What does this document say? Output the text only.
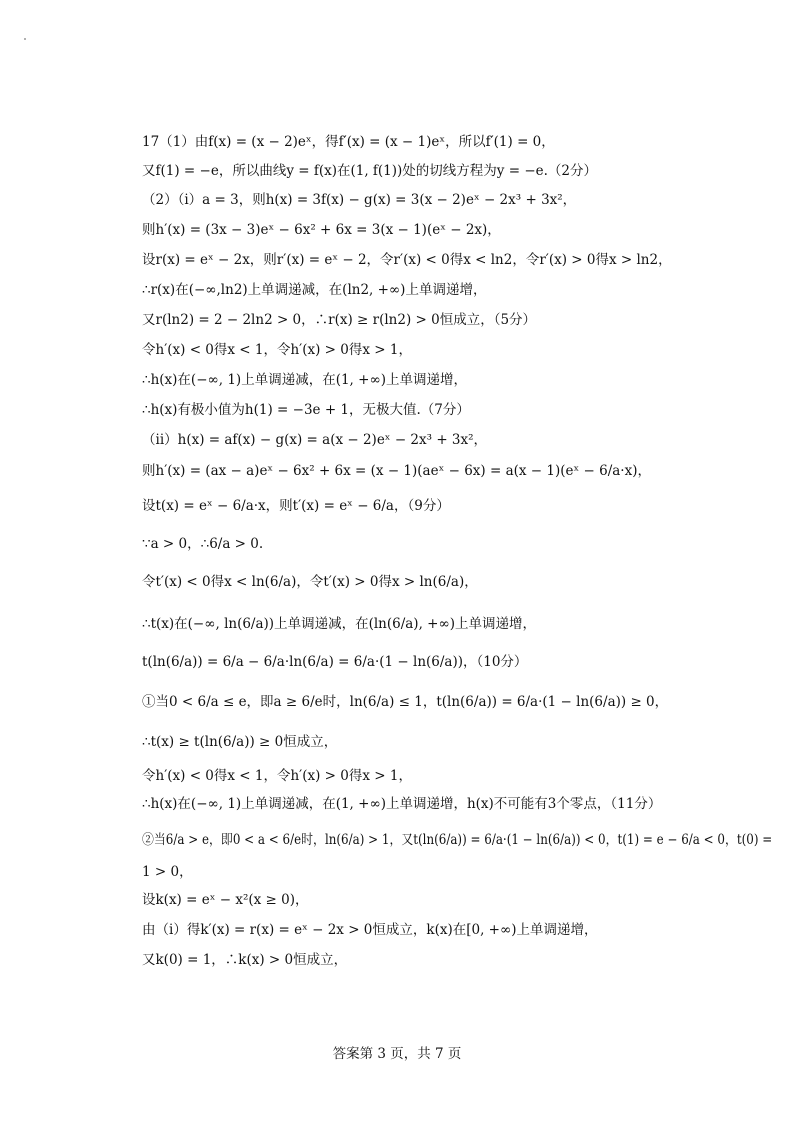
17（1）由f(x) = (x − 2)eˣ，得f′(x) = (x − 1)eˣ，所以f′(1) = 0，
又f(1) = −e，所以曲线y = f(x)在(1, f(1))处的切线方程为y = −e.（2分）
（2）（i）a = 3，则h(x) = 3f(x) − g(x) = 3(x − 2)eˣ − 2x³ + 3x²，
则h′(x) = (3x − 3)eˣ − 6x² + 6x = 3(x − 1)(eˣ − 2x)，
设r(x) = eˣ − 2x，则r′(x) = eˣ − 2，令r′(x) < 0得x < ln2，令r′(x) > 0得x > ln2，
∴r(x)在(−∞,ln2)上单调递减，在(ln2, +∞)上单调递增，
又r(ln2) = 2 − 2ln2 > 0，∴r(x) ≥ r(ln2) > 0恒成立，（5分）
令h′(x) < 0得x < 1，令h′(x) > 0得x > 1，
∴h(x)在(−∞, 1)上单调递减，在(1, +∞)上单调递增，
∴h(x)有极小值为h(1) = −3e + 1，无极大值.（7分）
（ii）h(x) = af(x) − g(x) = a(x − 2)eˣ − 2x³ + 3x²，
则h′(x) = (ax − a)eˣ − 6x² + 6x = (x − 1)(aeˣ − 6x) = a(x − 1)(eˣ − 6/a·x)，
设t(x) = eˣ − 6/a·x，则t′(x) = eˣ − 6/a，（9分）
∵a > 0，∴6/a > 0.
令t′(x) < 0得x < ln(6/a)，令t′(x) > 0得x > ln(6/a)，
∴t(x)在(−∞, ln(6/a))上单调递减，在(ln(6/a), +∞)上单调递增，
t(ln(6/a)) = 6/a − 6/a·ln(6/a) = 6/a·(1 − ln(6/a))，（10分）
①当0 < 6/a ≤ e，即a ≥ 6/e时，ln(6/a) ≤ 1，t(ln(6/a)) = 6/a·(1 − ln(6/a)) ≥ 0，
∴t(x) ≥ t(ln(6/a)) ≥ 0恒成立，
令h′(x) < 0得x < 1，令h′(x) > 0得x > 1，
∴h(x)在(−∞, 1)上单调递减，在(1, +∞)上单调递增，h(x)不可能有3个零点，（11分）
②当6/a > e，即0 < a < 6/e时，ln(6/a) > 1，又t(ln(6/a)) = 6/a·(1 − ln(6/a)) < 0，t(1) = e − 6/a < 0，t(0) =
1 > 0，
设k(x) = eˣ − x²(x ≥ 0)，
由（i）得k′(x) = r(x) = eˣ − 2x > 0恒成立，k(x)在[0, +∞)上单调递增，
又k(0) = 1，∴k(x) > 0恒成立，
答案第 3 页，共 7 页
